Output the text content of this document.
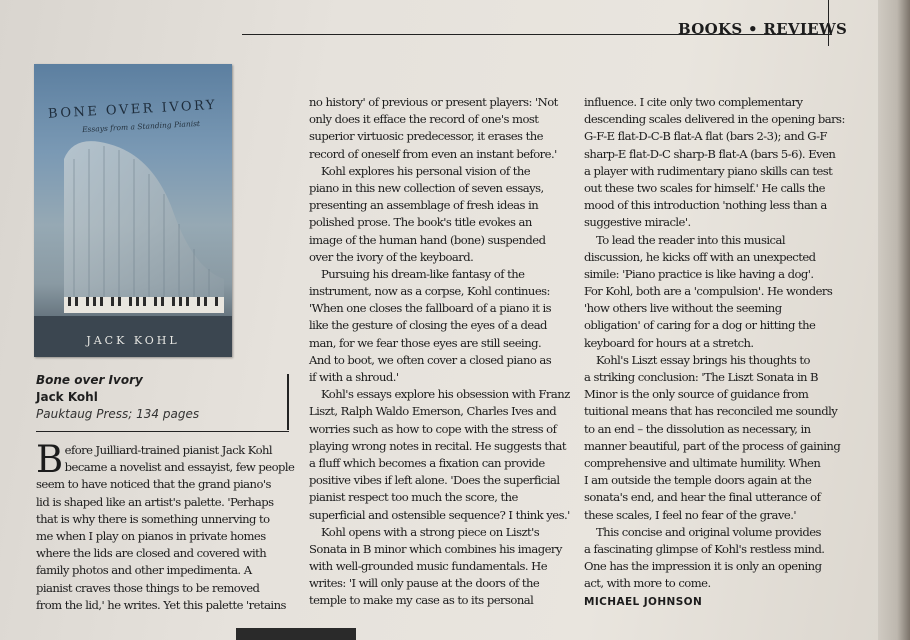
BOOKS • REVIEWS
BONE OVER IVORY
Essays from a Standing Pianist
JACK KOHL
Bone over Ivory
Jack Kohl
Pauktaug Press; 134 pages
B efore Juilliard-trained pianist Jack Kohl
became a novelist and essayist, few people
seem to have noticed that the grand piano's
lid is shaped like an artist's palette. 'Perhaps
that is why there is something unnerving to
me when I play on pianos in private homes
where the lids are closed and covered with
family photos and other impedimenta. A
pianist craves those things to be removed
from the lid,' he writes. Yet this palette 'retains
no history' of previous or present players: 'Not
only does it efface the record of one's most
superior virtuosic predecessor, it erases the
record of oneself from even an instant before.'
Kohl explores his personal vision of the
piano in this new collection of seven essays,
presenting an assemblage of fresh ideas in
polished prose. The book's title evokes an
image of the human hand (bone) suspended
over the ivory of the keyboard.
Pursuing his dream-like fantasy of the
instrument, now as a corpse, Kohl continues:
'When one closes the fallboard of a piano it is
like the gesture of closing the eyes of a dead
man, for we fear those eyes are still seeing.
And to boot, we often cover a closed piano as
if with a shroud.'
Kohl's essays explore his obsession with Franz
Liszt, Ralph Waldo Emerson, Charles Ives and
worries such as how to cope with the stress of
playing wrong notes in recital. He suggests that
a fluff which becomes a fixation can provide
positive vibes if left alone. 'Does the superficial
pianist respect too much the score, the
superficial and ostensible sequence? I think yes.'
Kohl opens with a strong piece on Liszt's
Sonata in B minor which combines his imagery
with well-grounded music fundamentals. He
writes: 'I will only pause at the doors of the
temple to make my case as to its personal
influence. I cite only two complementary
descending scales delivered in the opening bars:
G-F-E flat-D-C-B flat-A flat (bars 2-3); and G-F
sharp-E flat-D-C sharp-B flat-A (bars 5-6). Even
a player with rudimentary piano skills can test
out these two scales for himself.' He calls the
mood of this introduction 'nothing less than a
suggestive miracle'.
To lead the reader into this musical
discussion, he kicks off with an unexpected
simile: 'Piano practice is like having a dog'.
For Kohl, both are a 'compulsion'. He wonders
'how others live without the seeming
obligation' of caring for a dog or hitting the
keyboard for hours at a stretch.
Kohl's Liszt essay brings his thoughts to
a striking conclusion: 'The Liszt Sonata in B
Minor is the only source of guidance from
tuitional means that has reconciled me soundly
to an end – the dissolution as necessary, in
manner beautiful, part of the process of gaining
comprehensive and ultimate humility. When
I am outside the temple doors again at the
sonata's end, and hear the final utterance of
these scales, I feel no fear of the grave.'
This concise and original volume provides
a fascinating glimpse of Kohl's restless mind.
One has the impression it is only an opening
act, with more to come.
MICHAEL JOHNSON
